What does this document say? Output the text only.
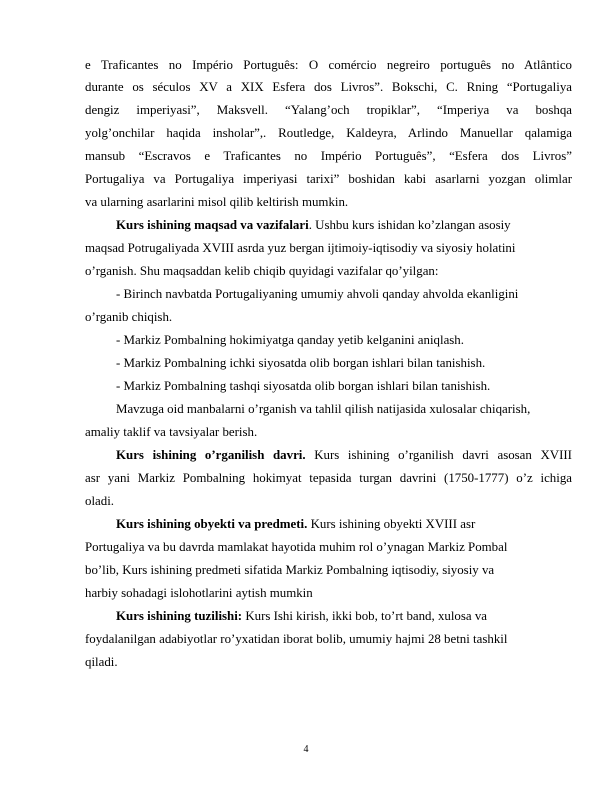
e Traficantes no Império Português: O comércio negreiro português no Atlântico
durante os séculos XV a XIX Esfera dos Livros”. Bokschi, C. Rning “Portugaliya
dengiz imperiyasi”, Maksvell. “Yalang’och tropiklar”, “Imperiya va boshqa
yolg’onchilar haqida insholar”,. Routledge, Kaldeyra, Arlindo Manuellar qalamiga
mansub “Escravos e Traficantes no Império Português”, “Esfera dos Livros”
Portugaliya va Portugaliya imperiyasi tarixi” boshidan kabi asarlarni yozgan olimlar
va ularning asarlarini misol qilib keltirish mumkin.
Kurs ishining maqsad va vazifalari. Ushbu kurs ishidan ko’zlangan asosiy
maqsad Potrugaliyada XVIII asrda yuz bergan ijtimoiy-iqtisodiy va siyosiy holatini
o’rganish. Shu maqsaddan kelib chiqib quyidagi vazifalar qo’yilgan:
- Birinch navbatda Portugaliyaning umumiy ahvoli qanday ahvolda ekanligini
o’rganib chiqish.
- Markiz Pombalning hokimiyatga qanday yetib kelganini aniqlash.
- Markiz Pombalning ichki siyosatda olib borgan ishlari bilan tanishish.
- Markiz Pombalning tashqi siyosatda olib borgan ishlari bilan tanishish.
Mavzuga oid manbalarni o’rganish va tahlil qilish natijasida xulosalar chiqarish,
amaliy taklif va tavsiyalar berish.
Kurs ishining o’rganilish davri. Kurs ishining o’rganilish davri asosan XVIII
asr yani Markiz Pombalning hokimyat tepasida turgan davrini (1750-1777) o’z ichiga
oladi.
Kurs ishining obyekti va predmeti. Kurs ishining obyekti XVIII asr
Portugaliya va bu davrda mamlakat hayotida muhim rol o’ynagan Markiz Pombal
bo’lib, Kurs ishining predmeti sifatida Markiz Pombalning iqtisodiy, siyosiy va
harbiy sohadagi islohotlarini aytish mumkin
Kurs ishining tuzilishi: Kurs Ishi kirish, ikki bob, to’rt band, xulosa va
foydalanilgan adabiyotlar ro’yxatidan iborat bolib, umumiy hajmi 28 betni tashkil
qiladi.
4
